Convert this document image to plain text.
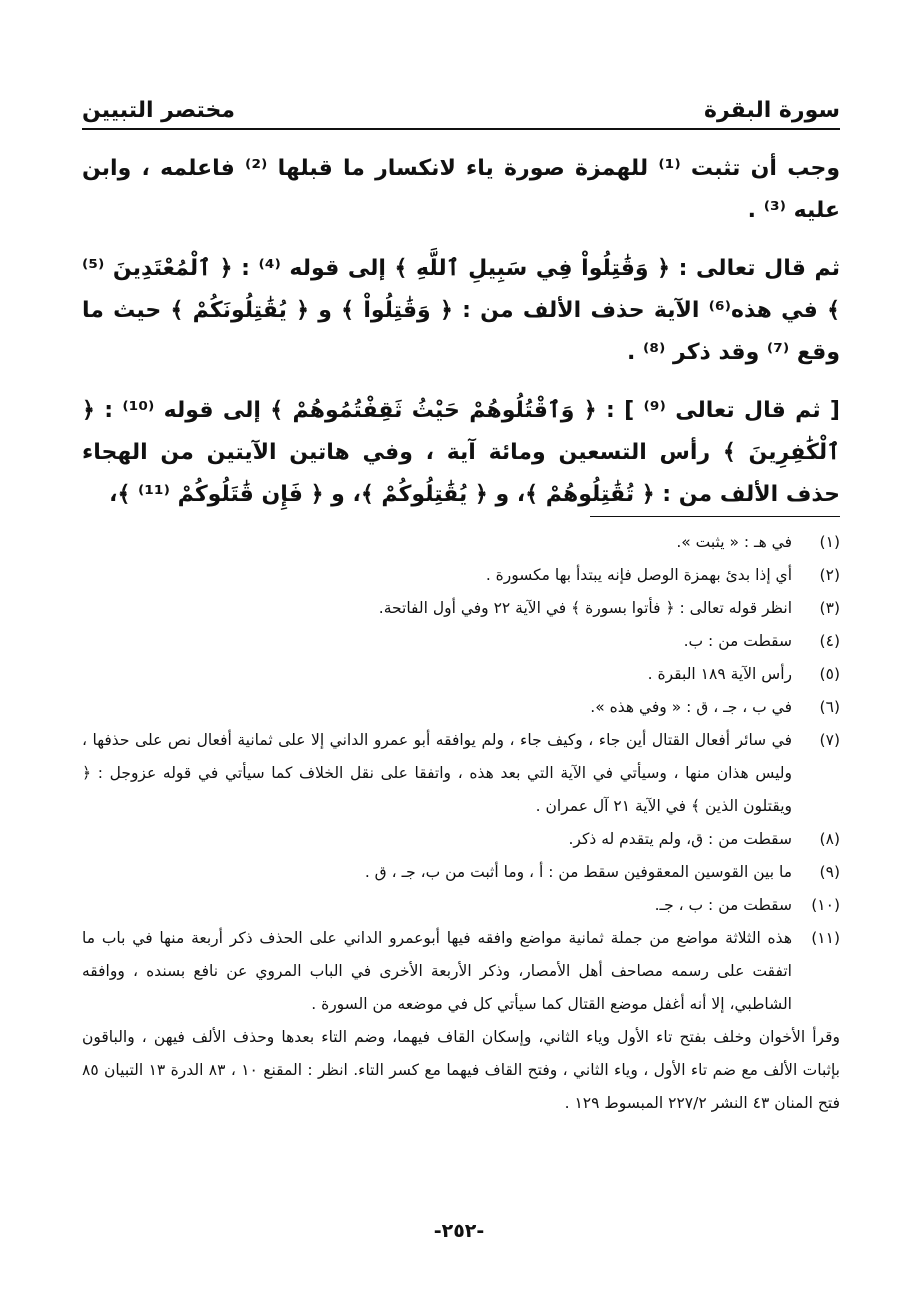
سورة البقرة
مختصر التبيين

وجب أن تثبت ⁽¹⁾ للهمزة صورة ياء لانكسار ما قبلها ⁽²⁾ فاعلمه ، وابن عليه ⁽³⁾ .

ثم قال تعالى : ﴿ وَقَٰتِلُواْ فِي سَبِيلِ ٱللَّهِ ﴾ إلى قوله ⁽⁴⁾ : ﴿ ٱلْمُعْتَدِينَ ⁽⁵⁾ ﴾ في هذه⁽⁶⁾ الآية حذف الألف من : ﴿ وَقَٰتِلُواْ ﴾ و ﴿ يُقَٰتِلُونَكُمْ ﴾ حيث ما وقع ⁽⁷⁾ وقد ذكر ⁽⁸⁾ .

[ ثم قال تعالى ⁽⁹⁾ ] : ﴿ وَٱقْتُلُوهُمْ حَيْثُ ثَقِفْتُمُوهُمْ ﴾ إلى قوله ⁽¹⁰⁾ : ﴿ ٱلْكَٰفِرِينَ ﴾ رأس التسعين ومائة آية ، وفي هاتين الآيتين من الهجاء حذف الألف من : ﴿ تُقَٰتِلُوهُمْ ﴾، و ﴿ يُقَٰتِلُوكُمْ ﴾، و ﴿ فَإِن قَٰتَلُوكُمْ ⁽¹¹⁾ ﴾،

(١)
في هـ : « يثبت ».
(٢)
أي إذا بدئ بهمزة الوصل فإنه يبتدأ بها مكسورة .
(٣)
انظر قوله تعالى : ﴿ فأتوا بسورة ﴾ في الآية ٢٢ وفي أول الفاتحة.
(٤)
سقطت من : ب.
(٥)
رأس الآية ١٨٩ البقرة .
(٦)
في ب ، جـ ، ق : « وفي هذه ».
(٧)
في سائر أفعال القتال أين جاء ، وكيف جاء ، ولم يوافقه أبو عمرو الداني إلا على ثمانية أفعال نص على حذفها ، وليس هذان منها ، وسيأتي في الآية التي بعد هذه ، واتفقا على نقل الخلاف كما سيأتي في قوله عزوجل : ﴿ ويقتلون الذين ﴾ في الآية ٢١ آل عمران .
(٨)
سقطت من : ق، ولم يتقدم له ذكر.
(٩)
ما بين القوسين المعقوفين سقط من : أ ، وما أثبت من ب، جـ ، ق .
(١٠)
سقطت من : ب ، جـ.
(١١)
هذه الثلاثة مواضع من جملة ثمانية مواضع وافقه فيها أبوعمرو الداني على الحذف ذكر أربعة منها في باب ما اتفقت على رسمه مصاحف أهل الأمصار، وذكر الأربعة الأخرى في الباب المروي عن نافع بسنده ، ووافقه الشاطبي، إلا أنه أغفل موضع القتال كما سيأتي كل في موضعه من السورة .
وقرأ الأخوان وخلف بفتح تاء الأول وياء الثاني، وإسكان القاف فيهما، وضم التاء بعدها وحذف الألف فيهن ، والباقون بإثبات الألف مع ضم تاء الأول ، وياء الثاني ، وفتح القاف فيهما مع كسر التاء. انظر : المقنع ١٠ ، ٨٣ الدرة ١٣ التبيان ٨٥ فتح المنان ٤٣ النشر ٢٢٧/٢ المبسوط ١٢٩ .
-٢٥٢-
